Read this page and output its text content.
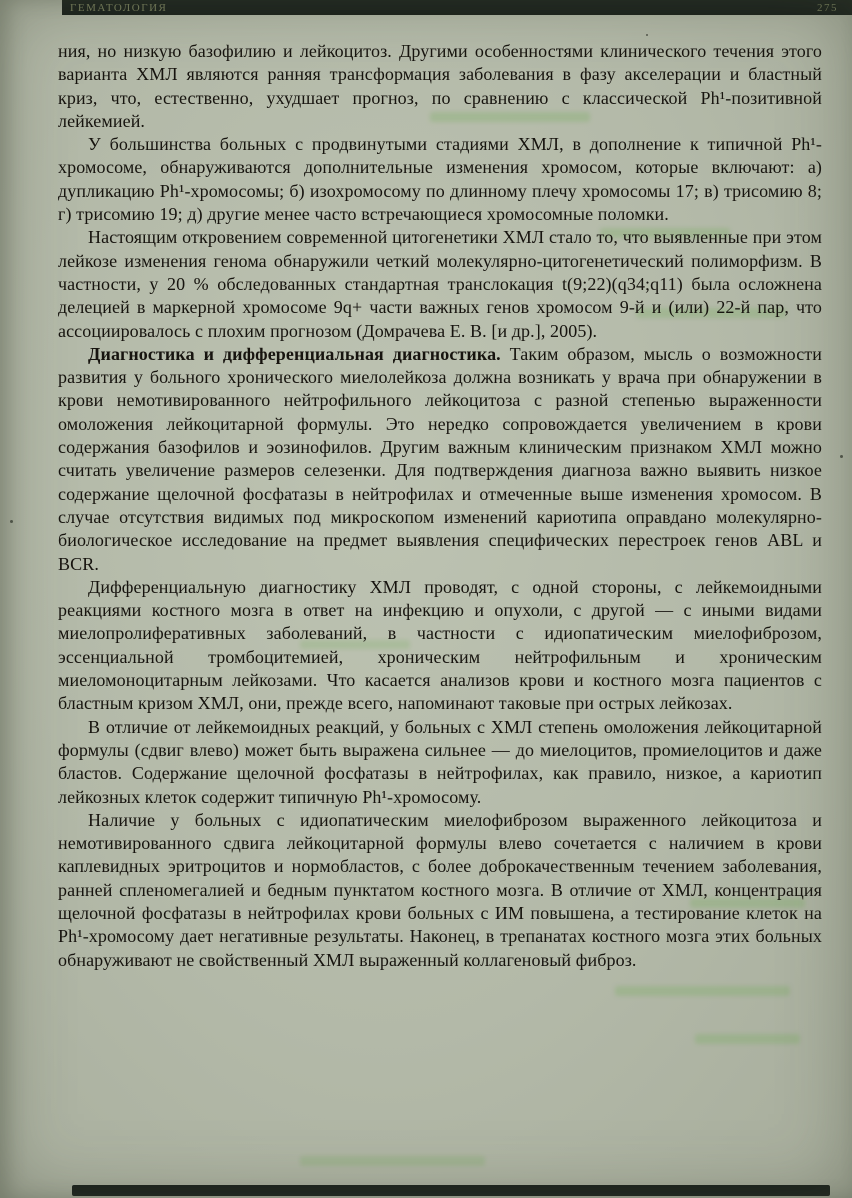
ГЕМАТОЛОГИЯ	275

ния, но низкую базофилию и лейкоцитоз. Другими особенностями клинического течения этого варианта ХМЛ являются ранняя трансформация заболевания в фазу акселерации и бластный криз, что, естественно, ухудшает прогноз, по сравнению с классической Ph¹-позитивной лейкемией.

У большинства больных с продвинутыми стадиями ХМЛ, в дополнение к типичной Ph¹-хромосоме, обнаруживаются дополнительные изменения хромосом, которые включают: а) дупликацию Ph¹-хромосомы; б) изохромосому по длинному плечу хромосомы 17; в) трисомию 8; г) трисомию 19; д) другие менее часто встречающиеся хромосомные поломки.

Настоящим откровением современной цитогенетики ХМЛ стало то, что выявленные при этом лейкозе изменения генома обнаружили четкий молекулярно-цитогенетический полиморфизм. В частности, у 20 % обследованных стандартная транслокация t(9;22)(q34;q11) была осложнена делецией в маркерной хромосоме 9q+ части важных генов хромосом 9-й и (или) 22-й пар, что ассоциировалось с плохим прогнозом (Домрачева Е. В. [и др.], 2005).

Диагностика и дифференциальная диагностика. Таким образом, мысль о возможности развития у больного хронического миелолейкоза должна возникать у врача при обнаружении в крови немотивированного нейтрофильного лейкоцитоза с разной степенью выраженности омоложения лейкоцитарной формулы. Это нередко сопровождается увеличением в крови содержания базофилов и эозинофилов. Другим важным клиническим признаком ХМЛ можно считать увеличение размеров селезенки. Для подтверждения диагноза важно выявить низкое содержание щелочной фосфатазы в нейтрофилах и отмеченные выше изменения хромосом. В случае отсутствия видимых под микроскопом изменений кариотипа оправдано молекулярно-биологическое исследование на предмет выявления специфических перестроек генов ABL и BCR.

Дифференциальную диагностику ХМЛ проводят, с одной стороны, с лейкемоидными реакциями костного мозга в ответ на инфекцию и опухоли, с другой — с иными видами миелопролиферативных заболеваний, в частности с идиопатическим миелофиброзом, эссенциальной тромбоцитемией, хроническим нейтрофильным и хроническим миеломоноцитарным лейкозами. Что касается анализов крови и костного мозга пациентов с бластным кризом ХМЛ, они, прежде всего, напоминают таковые при острых лейкозах.

В отличие от лейкемоидных реакций, у больных с ХМЛ степень омоложения лейкоцитарной формулы (сдвиг влево) может быть выражена сильнее — до миелоцитов, промиелоцитов и даже бластов. Содержание щелочной фосфатазы в нейтрофилах, как правило, низкое, а кариотип лейкозных клеток содержит типичную Ph¹-хромосому.

Наличие у больных с идиопатическим миелофиброзом выраженного лейкоцитоза и немотивированного сдвига лейкоцитарной формулы влево сочетается с наличием в крови каплевидных эритроцитов и нормобластов, с более доброкачественным течением заболевания, ранней спленомегалией и бедным пунктатом костного мозга. В отличие от ХМЛ, концентрация щелочной фосфатазы в нейтрофилах крови больных с ИМ повышена, а тестирование клеток на Ph¹-хромосому дает негативные результаты. Наконец, в трепанатах костного мозга этих больных обнаруживают не свойственный ХМЛ выраженный коллагеновый фиброз.
